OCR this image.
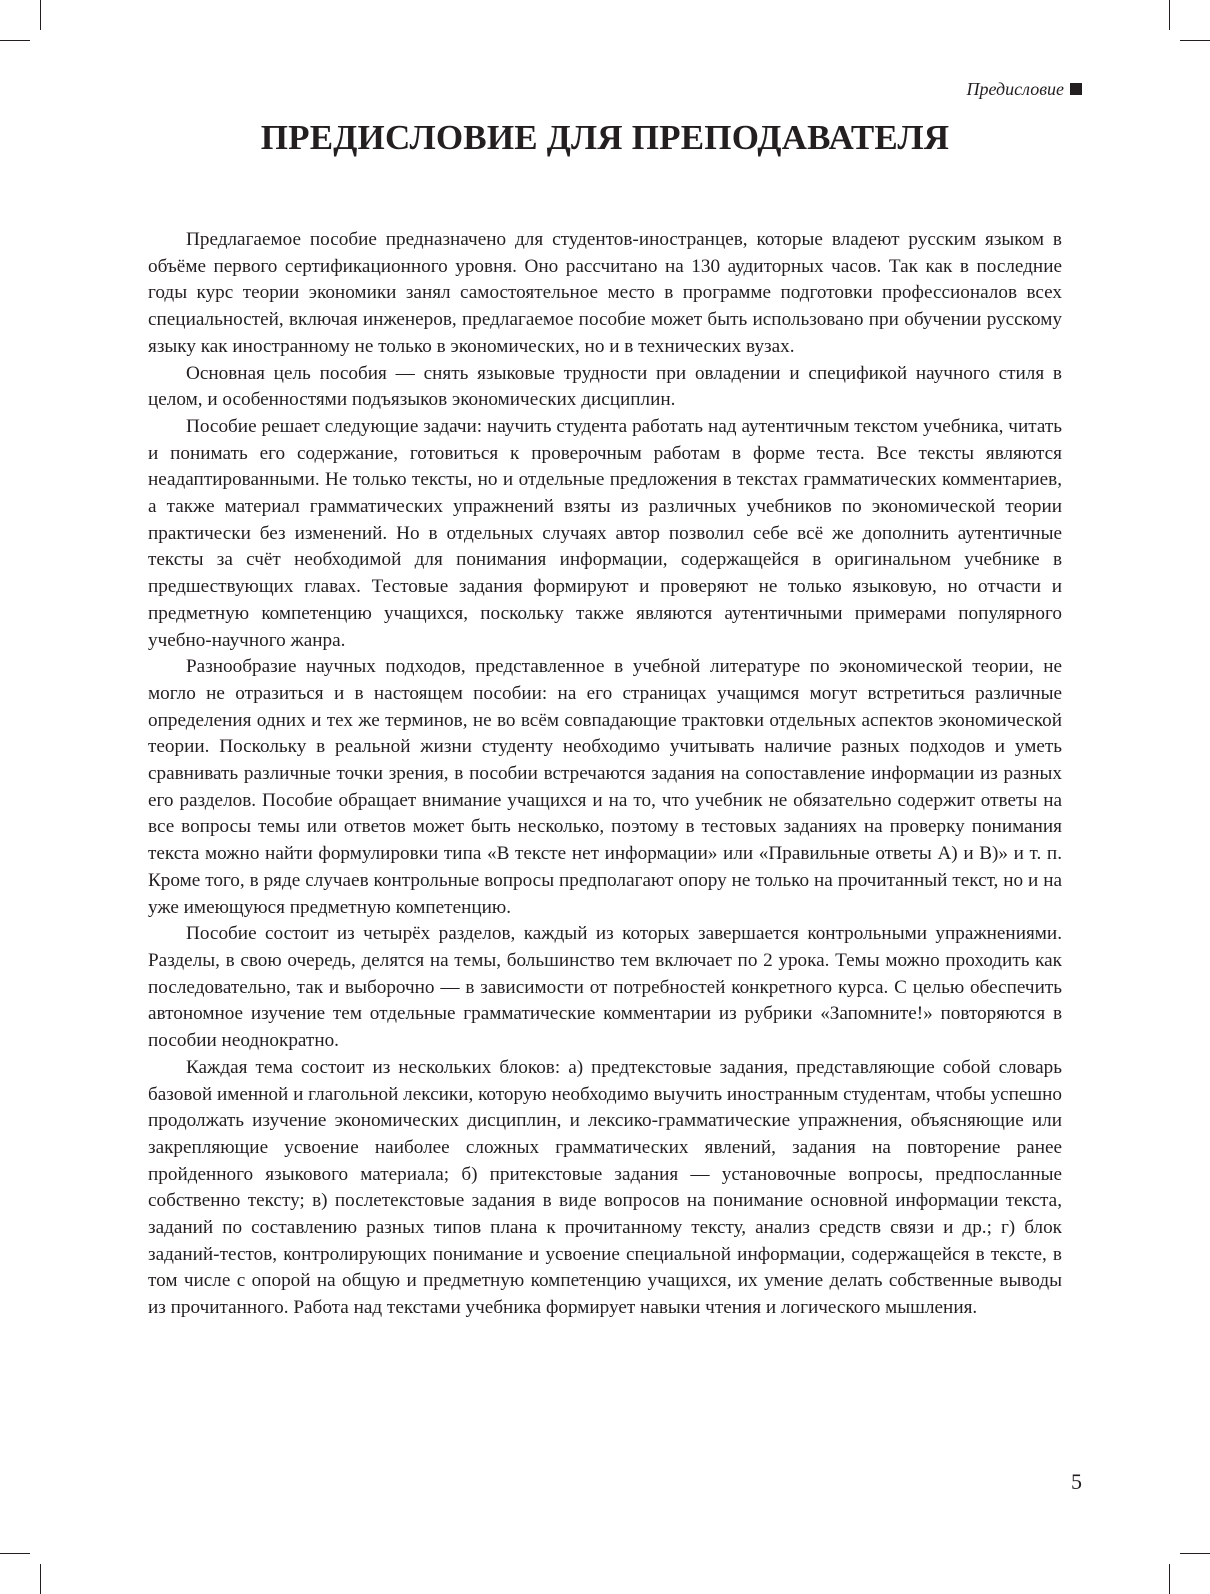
Предисловие
ПРЕДИСЛОВИЕ ДЛЯ ПРЕПОДАВАТЕЛЯ

Предлагаемое пособие предназначено для студентов-иностранцев, которые владеют русским языком в объёме первого сертификационного уровня. Оно рассчитано на 130 аудиторных часов. Так как в последние годы курс теории экономики занял самостоятельное место в программе подготовки профессионалов всех специальностей, включая инженеров, предлагаемое пособие может быть использовано при обучении русскому языку как иностранному не только в экономических, но и в технических вузах.

Основная цель пособия — снять языковые трудности при овладении и спецификой научного стиля в целом, и особенностями подъязыков экономических дисциплин.

Пособие решает следующие задачи: научить студента работать над аутентичным текстом учебника, читать и понимать его содержание, готовиться к проверочным работам в форме теста. Все тексты являются неадаптированными. Не только тексты, но и отдельные предложения в текстах грамматических комментариев, а также материал грамматических упражнений взяты из различных учебников по экономической теории практически без изменений. Но в отдельных случаях автор позволил себе всё же дополнить аутентичные тексты за счёт необходимой для понимания информации, содержащейся в оригинальном учебнике в предшествующих главах. Тестовые задания формируют и проверяют не только языковую, но отчасти и предметную компетенцию учащихся, поскольку также являются аутентичными примерами популярного учебно-научного жанра.

Разнообразие научных подходов, представленное в учебной литературе по экономической теории, не могло не отразиться и в настоящем пособии: на его страницах учащимся могут встретиться различные определения одних и тех же терминов, не во всём совпадающие трактовки отдельных аспектов экономической теории. Поскольку в реальной жизни студенту необходимо учитывать наличие разных подходов и уметь сравнивать различные точки зрения, в пособии встречаются задания на сопоставление информации из разных его разделов. Пособие обращает внимание учащихся и на то, что учебник не обязательно содержит ответы на все вопросы темы или ответов может быть несколько, поэтому в тестовых заданиях на проверку понимания текста можно найти формулировки типа «В тексте нет информации» или «Правильные ответы А) и В)» и т. п. Кроме того, в ряде случаев контрольные вопросы предполагают опору не только на прочитанный текст, но и на уже имеющуюся предметную компетенцию.

Пособие состоит из четырёх разделов, каждый из которых завершается контрольными упражнениями. Разделы, в свою очередь, делятся на темы, большинство тем включает по 2 урока. Темы можно проходить как последовательно, так и выборочно — в зависимости от потребностей конкретного курса. С целью обеспечить автономное изучение тем отдельные грамматические комментарии из рубрики «Запомните!» повторяются в пособии неоднократно.

Каждая тема состоит из нескольких блоков: а) предтекстовые задания, представляющие собой словарь базовой именной и глагольной лексики, которую необходимо выучить иностранным студентам, чтобы успешно продолжать изучение экономических дисциплин, и лексико-грамматические упражнения, объясняющие или закрепляющие усвоение наиболее сложных грамматических явлений, задания на повторение ранее пройденного языкового материала; б) притекстовые задания — установочные вопросы, предпосланные собственно тексту; в) послетекстовые задания в виде вопросов на понимание основной информации текста, заданий по составлению разных типов плана к прочитанному тексту, анализ средств связи и др.; г) блок заданий-тестов, контролирующих понимание и усвоение специальной информации, содержащейся в тексте, в том числе с опорой на общую и предметную компетенцию учащихся, их умение делать собственные выводы из прочитанного. Работа над текстами учебника формирует навыки чтения и логического мышления.

5
